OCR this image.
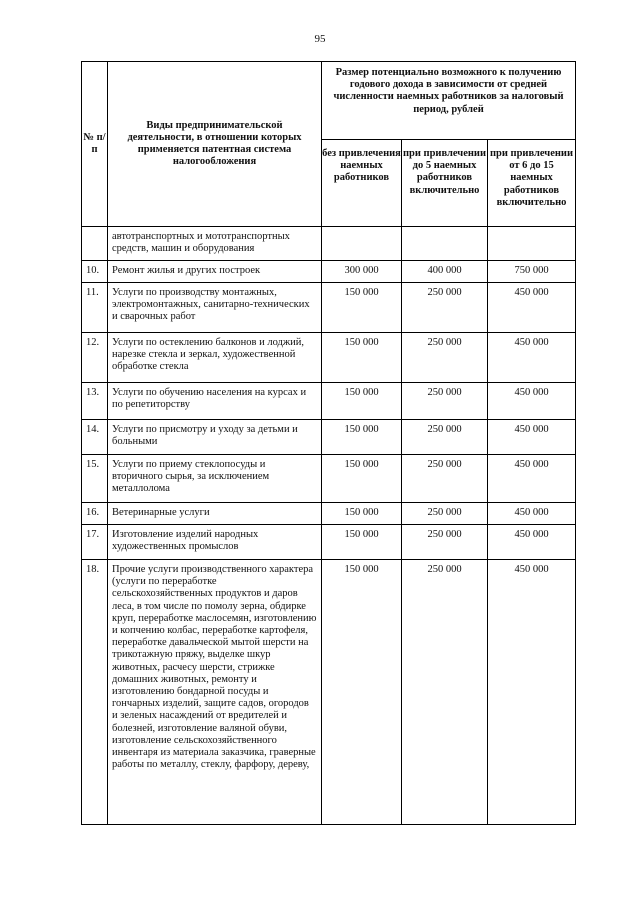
95
№ п/п	Виды предпринимательской деятельности, в отношении которых применяется патентная система налогообложения	Размер потенциально возможного к получению годового дохода в зависимости от средней численности наемных работников за налоговый период, рублей		
		без привлечения наемных работников	при привлечении до 5 наемных работников включительно	при привлечении от 6 до 15 наемных работников включительно
	автотранспортных и мототранспортных средств, машин и оборудования			
10.	Ремонт жилья и других построек	300 000	400 000	750 000
11.	Услуги по производству монтажных, электромонтажных, санитарно-технических и сварочных работ	150 000	250 000	450 000
12.	Услуги по остеклению балконов и лоджий, нарезке стекла и зеркал, художественной обработке стекла	150 000	250 000	450 000
13.	Услуги по обучению населения на курсах и по репетиторству	150 000	250 000	450 000
14.	Услуги по присмотру и уходу за детьми и больными	150 000	250 000	450 000
15.	Услуги по приему стеклопосуды и вторичного сырья, за исключением металлолома	150 000	250 000	450 000
16.	Ветеринарные услуги	150 000	250 000	450 000
17.	Изготовление изделий народных художественных промыслов	150 000	250 000	450 000
18.	Прочие услуги производственного характера (услуги по переработке сельскохозяйственных продуктов и даров леса, в том числе по помолу зерна, обдирке круп, переработке маслосемян, изготовлению и копчению колбас, переработке картофеля, переработке давальческой мытой шерсти на трикотажную пряжу, выделке шкур животных, расчесу шерсти, стрижке домашних животных, ремонту и изготовлению бондарной посуды и гончарных изделий, защите садов, огородов и зеленых насаждений от вредителей и болезней, изготовление валяной обуви, изготовление сельскохозяйственного инвентаря из материала заказчика, граверные работы по металлу, стеклу, фарфору, дереву,	150 000	250 000	450 000
